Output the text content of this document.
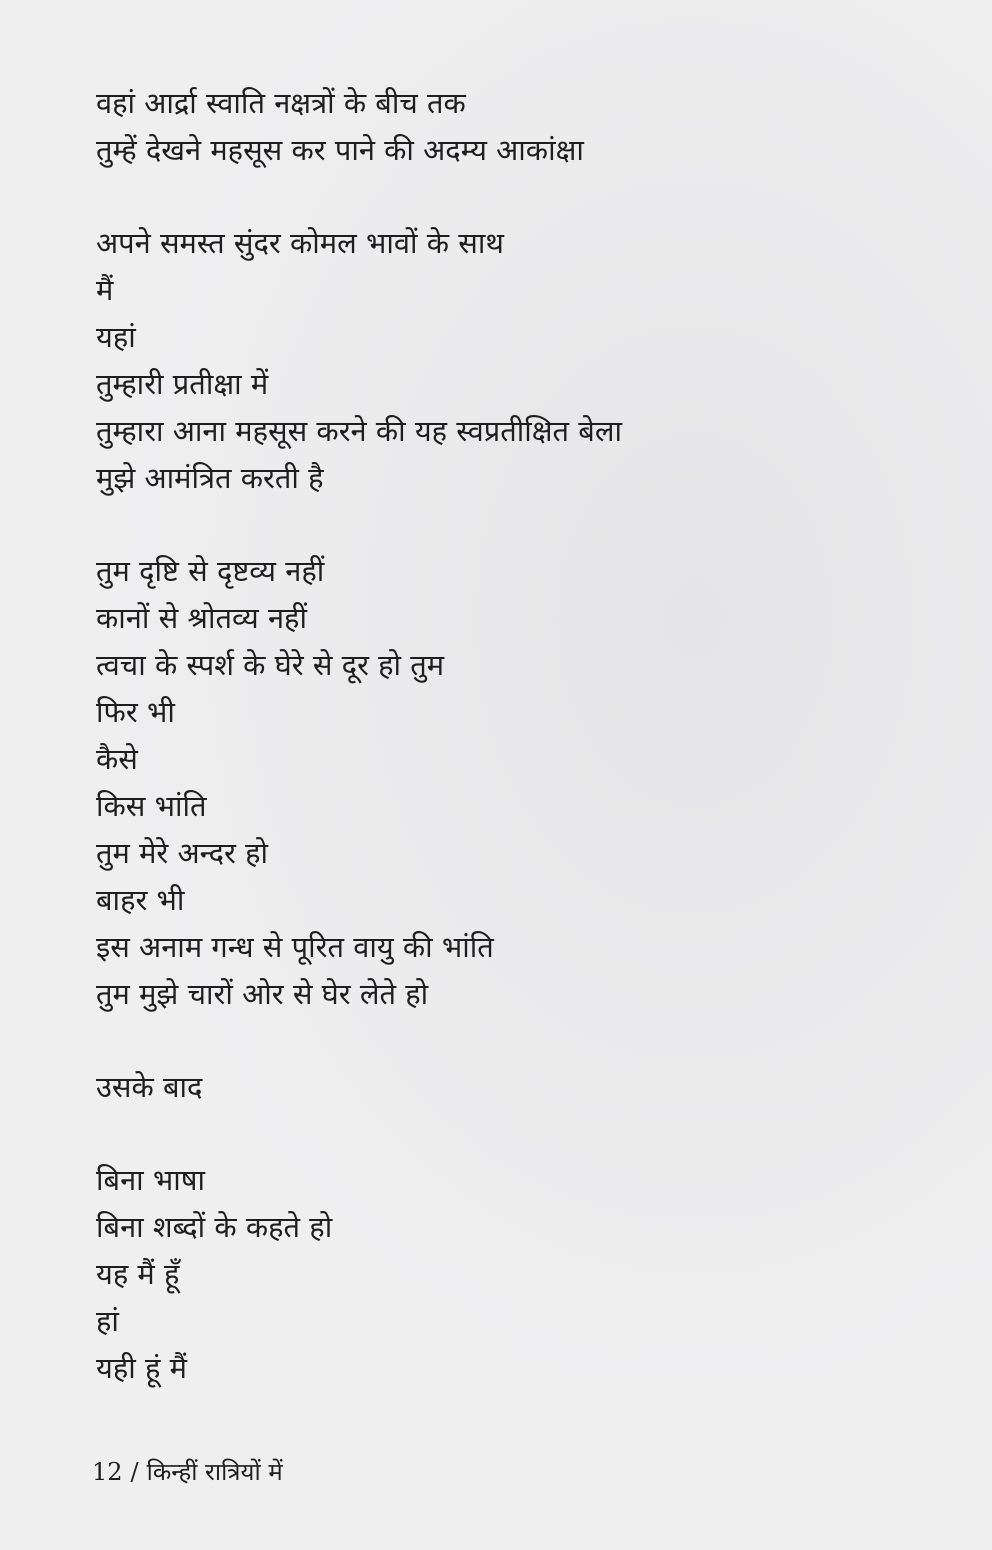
वहां आर्द्रा स्वाति नक्षत्रों के बीच तक
तुम्हें देखने महसूस कर पाने की अदम्य आकांक्षा
अपने समस्त सुंदर कोमल भावों के साथ
मैं
यहां
तुम्हारी प्रतीक्षा में
तुम्हारा आना महसूस करने की यह स्वप्रतीक्षित बेला
मुझे आमंत्रित करती है
तुम दृष्टि से दृष्टव्य नहीं
कानों से श्रोतव्य नहीं
त्वचा के स्पर्श के घेरे से दूर हो तुम
फिर भी
कैसे
किस भांति
तुम मेरे अन्दर हो
बाहर भी
इस अनाम गन्ध से पूरित वायु की भांति
तुम मुझे चारों ओर से घेर लेते हो
उसके बाद
बिना भाषा
बिना शब्दों के कहते हो
यह मैं हूँ
हां
यही हूं मैं
12 / किन्हीं रात्रियों में
